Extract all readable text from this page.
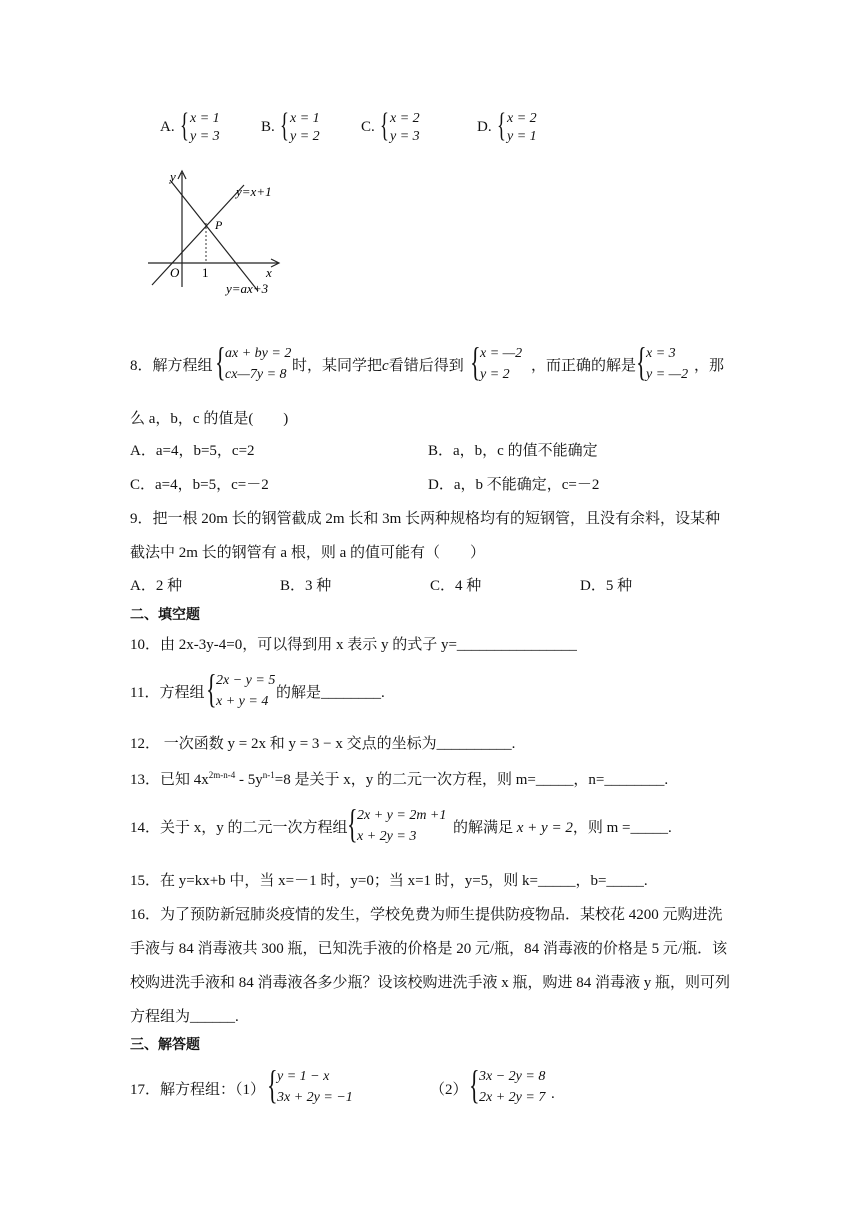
A. { x = 1
y = 3
B. { x = 1
y = 2
C. { x = 2
y = 3
D. { x = 2
y = 1
y
x
O 1
P
y=x+1
y=ax+3
8．解方程组 { ax + by = 2
cx—7y = 8
时，某同学把c看错后得到 { x = —2
y = 2
，而正确的解是 { x = 3
y = —2
，那
么 a，b，c 的值是(　　)
A．a=4，b=5，c=2	B．a，b，c 的值不能确定
C．a=4，b=5，c=－2	D．a，b 不能确定，c=－2
9．把一根 20m 长的钢管截成 2m 长和 3m 长两种规格均有的短钢管，且没有余料，设某种
截法中 2m 长的钢管有 a 根，则 a 的值可能有（　　）
A．2 种	B．3 种	C．4 种	D．5 种
二、填空题
10．由 2x-3y-4=0，可以得到用 x 表示 y 的式子 y=________________
11．方程组 { 2x − y = 5
x + y = 4
的解是________.
12． 一次函数 y = 2x 和 y = 3 − x 交点的坐标为__________.
13．已知 $4x^{2m-n-4} - 5y^{n-1}=8$ 是关于 x，y 的二元一次方程，则 m=_____，n=________.
14．关于 x，y 的二元一次方程组 { 2x + y = 2m +1
x + 2y = 3
的解满足 x + y = 2，则 m =_____.
15．在 y=kx+b 中，当 x=－1 时，y=0；当 x=1 时，y=5，则 k=_____，b=_____.
16．为了预防新冠肺炎疫情的发生，学校免费为师生提供防疫物品．某校花 4200 元购进洗
手液与 84 消毒液共 300 瓶，已知洗手液的价格是 20 元/瓶，84 消毒液的价格是 5 元/瓶．该
校购进洗手液和 84 消毒液各多少瓶？设该校购进洗手液 x 瓶，购进 84 消毒液 y 瓶，则可列
方程组为______.
三、解答题
17．解方程组：（1） { y = 1 − x
3x + 2y = −1	（2） { 3x − 2y = 8
2x + 2y = 7 .
